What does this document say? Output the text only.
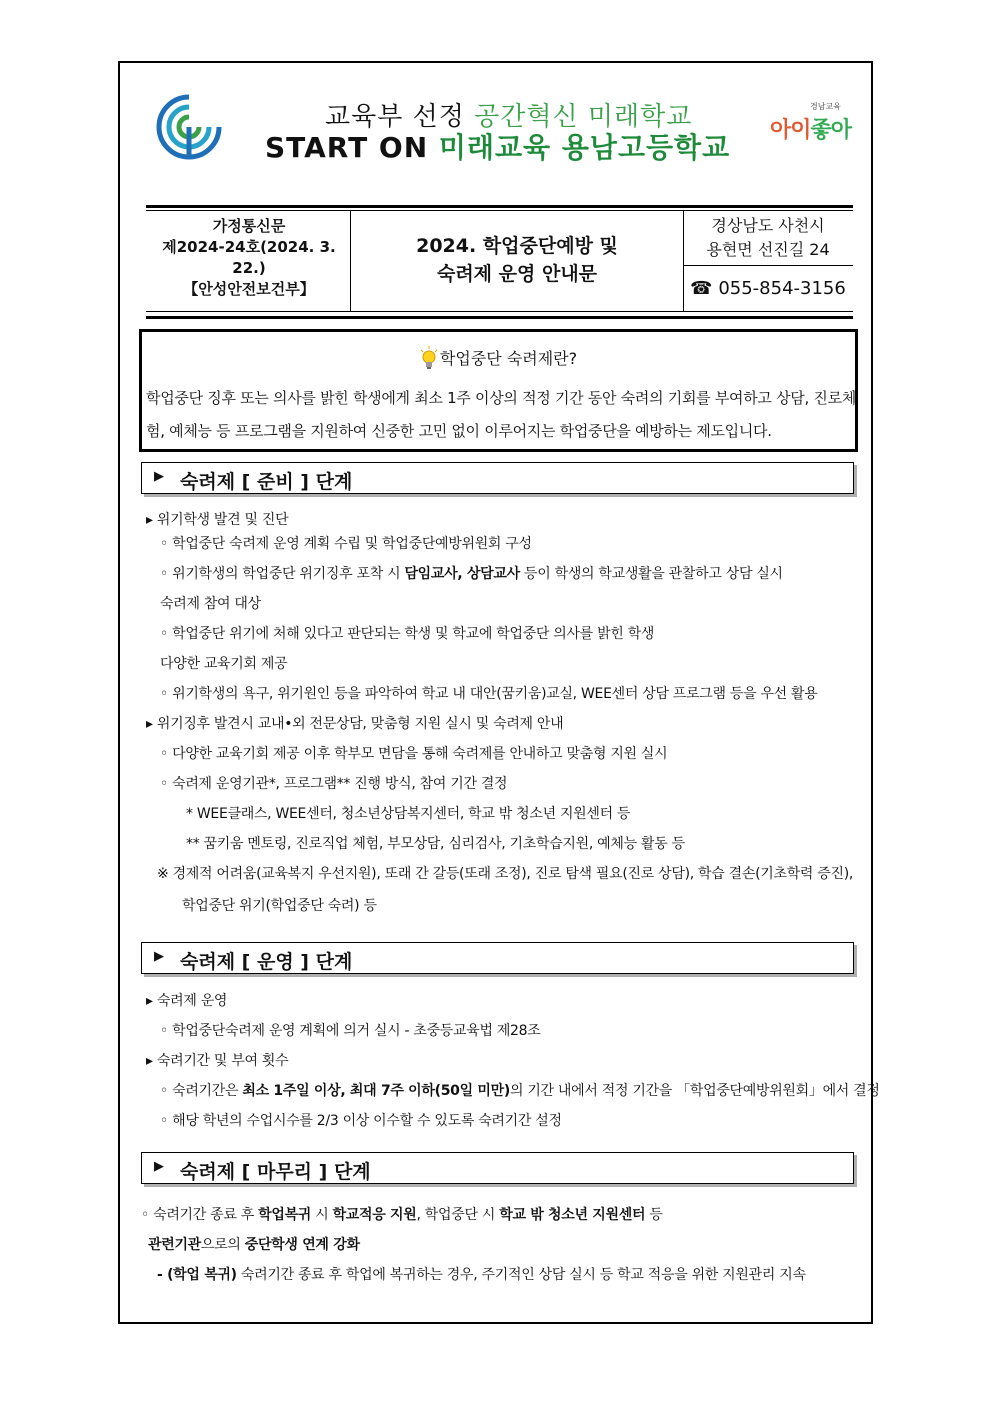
경남교육
아이좋아
교육부 선정 공간혁신 미래학교
START ON 미래교육 용남고등학교
가정통신문
제2024-24호(2024. 3.
22.)
【안성안전보건부】
2024. 학업중단예방 및
숙려제 운영 안내문
경상남도 사천시
용현면 선진길 24
☎ 055-854-3156
학업중단 숙려제란?
학업중단 징후 또는 의사를 밝힌 학생에게 최소 1주 이상의 적정 기간 동안 숙려의 기회를 부여하고 상담, 진로체험, 예체능 등 프로그램을 지원하여 신중한 고민 없이 이루어지는 학업중단을 예방하는 제도입니다.
▶ 숙려제 [ 준비 ] 단계
▸ 위기학생 발견 및 진단
◦ 학업중단 숙려제 운영 계획 수립 및 학업중단예방위원회 구성
◦ 위기학생의 학업중단 위기징후 포착 시 담임교사, 상담교사 등이 학생의 학교생활을 관찰하고 상담 실시
숙려제 참여 대상
◦ 학업중단 위기에 처해 있다고 판단되는 학생 및 학교에 학업중단 의사를 밝힌 학생
다양한 교육기회 제공
◦ 위기학생의 욕구, 위기원인 등을 파악하여 학교 내 대안(꿈키움)교실, WEE센터 상담 프로그램 등을 우선 활용
▸ 위기징후 발견시 교내•외 전문상담, 맞춤형 지원 실시 및 숙려제 안내
◦ 다양한 교육기회 제공 이후 학부모 면담을 통해 숙려제를 안내하고 맞춤형 지원 실시
◦ 숙려제 운영기관*, 프로그램** 진행 방식, 참여 기간 결정
* WEE클래스, WEE센터, 청소년상담복지센터, 학교 밖 청소년 지원센터 등
** 꿈키움 멘토링, 진로직업 체험, 부모상담, 심리검사, 기초학습지원, 예체능 활동 등
※ 경제적 어려움(교육복지 우선지원), 또래 간 갈등(또래 조정), 진로 탐색 필요(진로 상담), 학습 결손(기초학력 증진),
학업중단 위기(학업중단 숙려) 등
▶ 숙려제 [ 운영 ] 단계
▸ 숙려제 운영
◦ 학업중단숙려제 운영 계획에 의거 실시 - 초중등교육법 제28조
▸ 숙려기간 및 부여 횟수
◦ 숙려기간은 최소 1주일 이상, 최대 7주 이하(50일 미만)의 기간 내에서 적정 기간을 「학업중단예방위원회」에서 결정
◦ 해당 학년의 수업시수를 2/3 이상 이수할 수 있도록 숙려기간 설정
▶ 숙려제 [ 마무리 ] 단계
◦ 숙려기간 종료 후 학업복귀 시 학교적응 지원, 학업중단 시 학교 밖 청소년 지원센터 등
관련기관으로의 중단학생 연계 강화
- (학업 복귀) 숙려기간 종료 후 학업에 복귀하는 경우, 주기적인 상담 실시 등 학교 적응을 위한 지원관리 지속
